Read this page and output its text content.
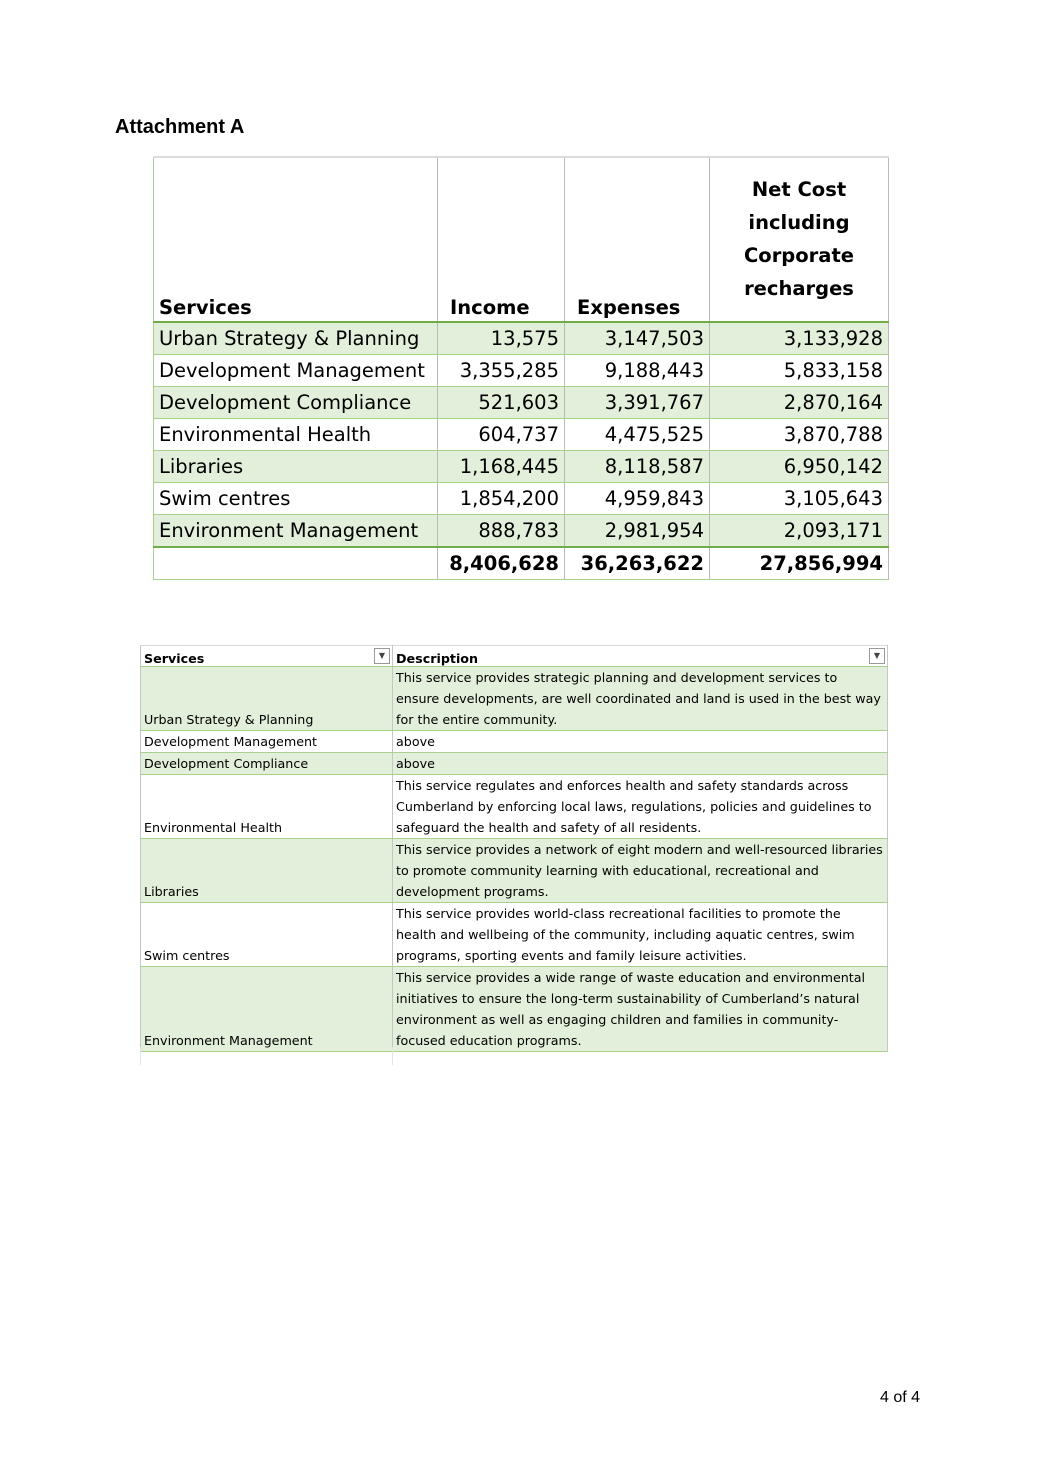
Attachment A
Services	Income	Expenses	Net Cost including Corporate recharges
Urban Strategy & Planning	13,575	3,147,503	3,133,928
Development Management	3,355,285	9,188,443	5,833,158
Development Compliance	521,603	3,391,767	2,870,164
Environmental Health	604,737	4,475,525	3,870,788
Libraries	1,168,445	8,118,587	6,950,142
Swim centres	1,854,200	4,959,843	3,105,643
Environment Management	888,783	2,981,954	2,093,171
	8,406,628	36,263,622	27,856,994
Services ▼	Description ▼

Urban Strategy & Planning	This service provides strategic planning and development services to ensure developments, are well coordinated and land is used in the best way for the entire community.
Development Management	above
Development Compliance	above
Environmental Health	This service regulates and enforces health and safety standards across Cumberland by enforcing local laws, regulations, policies and guidelines to safeguard the health and safety of all residents.
Libraries	This service provides a network of eight modern and well-resourced libraries to promote community learning with educational, recreational and development programs.
Swim centres	This service provides world-class recreational facilities to promote the health and wellbeing of the community, including aquatic centres, swim programs, sporting events and family leisure activities.
Environment Management	This service provides a wide range of waste education and environmental initiatives to ensure the long-term sustainability of Cumberland’s natural environment as well as engaging children and families in community-focused education programs.
4 of 4
